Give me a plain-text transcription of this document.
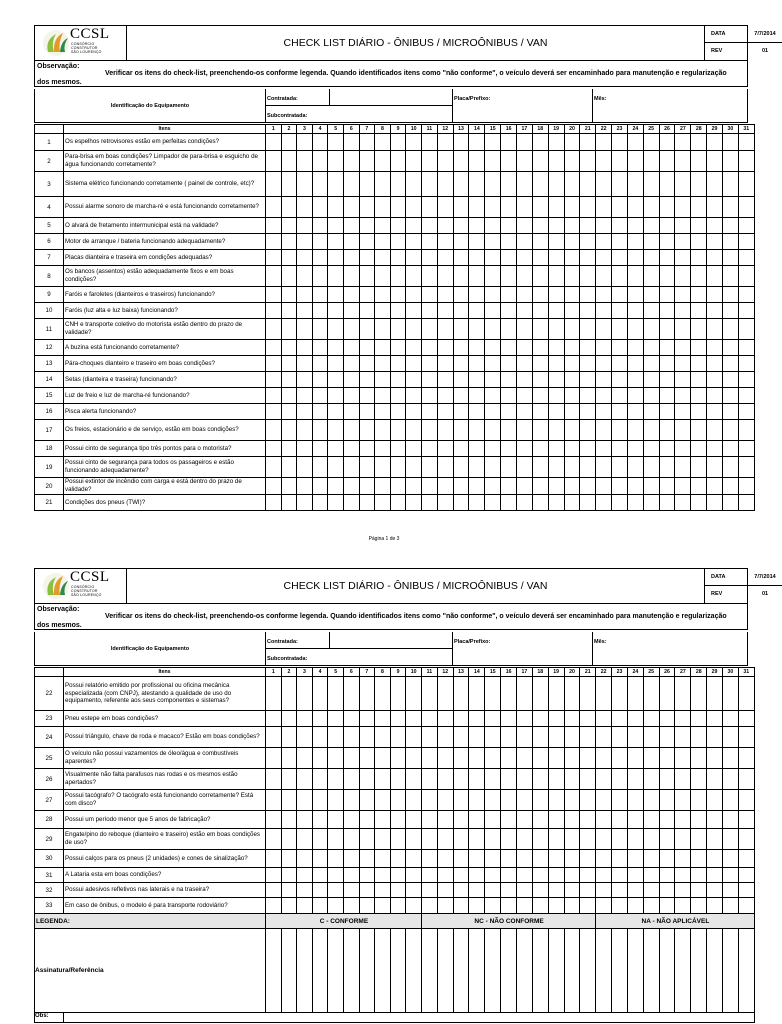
CCSL
CONSÓRCIO
CONSTRUTOR
SÃO LOURENÇO
CHECK LIST DIÁRIO - ÔNIBUS / MICROÔNIBUS / VAN
DATA
REV
7/7/2014
01
Observação:

Verificar os itens do check-list, preenchendo-os conforme legenda. Quando identificados itens como "não conforme", o veículo deverá ser encaminhado para manutenção e regularização
dos mesmos.
Identificação do Equipamento
Contratada:
Subcontratada:
Placa/Prefixo:	Mês:
	Itens	1	2	3	4	5	6	7	8	9	10	11	12	13	14	15	16	17	18	19	20	21	22	23	24	25	26	27	28	29	30	31
1	Os espelhos retrovisores estão em perfeitas condições?																															
2	Para-brisa em boas condições? Limpador de para-brisa e esguicho de água funcionando corretamente?																															
3	Sistema elétrico funcionando corretamente ( painel de controle, etc)?																															
4	Possui alarme sonoro de marcha-ré e está funcionando corretamente?																															
5	O alvará de fretamento intermunicipal está na validade?																															
6	Motor de arranque / bateria funcionando adequadamente?																															
7	Placas dianteira e traseira em condições adequadas?																															
8	Os bancos (assentos) estão adequadamente fixos e em boas condições?																															
9	Faróis e faroletes (dianteiros e traseiros) funcionando?																															
10	Faróis (luz alta e luz baixa) funcionando?																															
11	CNH e transporte coletivo do motorista estão dentro do prazo de validade?																															
12	A buzina está funcionando corretamente?																															
13	Pára-choques dianteiro e traseiro em boas condições?																															
14	Setas (dianteira e traseira) funcionando?																															
15	Luz de freio e luz de marcha-ré funcionando?																															
16	Pisca alerta funcionando?																															
17	Os freios, estacionário e de serviço, estão em boas condições?																															
18	Possui cinto de segurança tipo três pontos para o motorista?																															
19	Possui cinto de segurança para todos os passageiros e estão funcionando adequadamente?																															
20	Possui extintor de incêndio com carga e está dentro do prazo de validade?																															
21	Condições dos pneus (TWI)?																															
Página 1 de 3
CCSL
CONSÓRCIO
CONSTRUTOR
SÃO LOURENÇO
CHECK LIST DIÁRIO - ÔNIBUS / MICROÔNIBUS / VAN
DATA
REV
7/7/2014
01
Observação:

Verificar os itens do check-list, preenchendo-os conforme legenda. Quando identificados itens como "não conforme", o veículo deverá ser encaminhado para manutenção e regularização
dos mesmos.
Identificação do Equipamento
Contratada:
Subcontratada:
Placa/Prefixo:	Mês:
	Itens	1	2	3	4	5	6	7	8	9	10	11	12	13	14	15	16	17	18	19	20	21	22	23	24	25	26	27	28	29	30	31
22	Possui relatório emitido por profissional ou oficina mecânica especializada (com CNPJ), atestando a qualidade de uso do equipamento, referente aos seus componentes e sistemas?																															
23	Pneu estepe em boas condições?																															
24	Possui triângulo, chave de roda e macaco? Estão em boas condições?																															
25	O veículo não possui vazamentos de óleo/água e combustíveis aparentes?																															
26	Visualmente não falta parafusos nas rodas e os mesmos estão apertados?																															
27	Possui tacógrafo? O tacógrafo está funcionando corretamente? Está com disco?																															
28	Possui um período menor que 5 anos de fabricação?																															
29	Engate/pino do reboque (dianteiro e traseiro) estão em boas condições de uso?																															
30	Possui calços para os pneus (2 unidades) e cones de sinalização?																															
31	A Lataria esta em boas condições?																															
32	Possui adesivos refletivos nas laterais e na traseira?																															
33	Em caso de ônibus, o modelo é para transporte rodoviário?																															
LEGENDA:		C - CONFORME										NC - NÃO CONFORME											NA - NÃO APLICÁVEL									
Assinatura/Referência																																
Obs:																																
